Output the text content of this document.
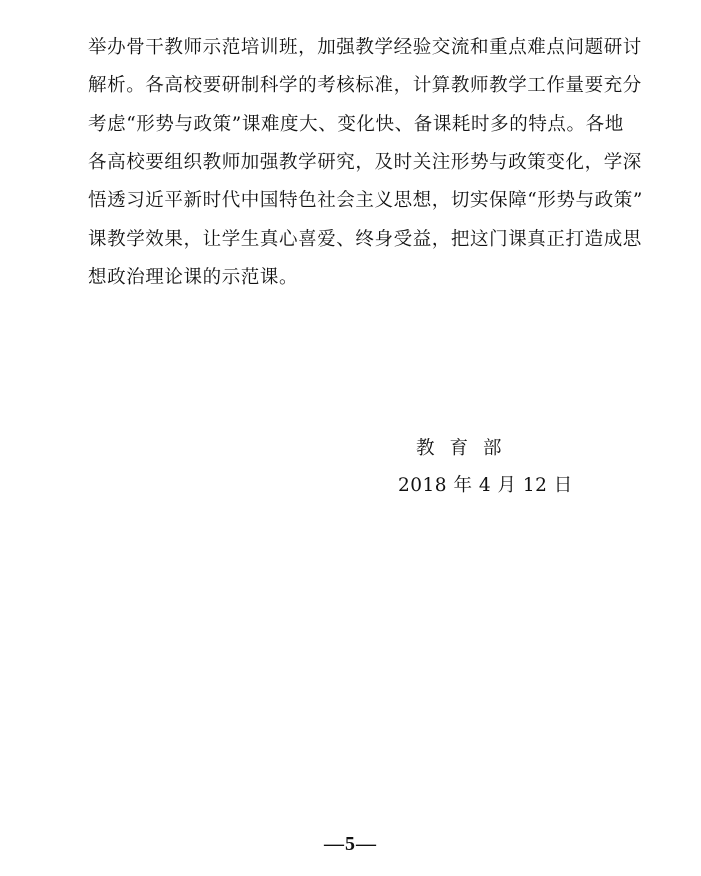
举办骨干教师示范培训班，加强教学经验交流和重点难点问题研讨
解析。各高校要研制科学的考核标准，计算教师教学工作量要充分
考虑“形势与政策”课难度大、变化快、备课耗时多的特点。各地
各高校要组织教师加强教学研究，及时关注形势与政策变化，学深
悟透习近平新时代中国特色社会主义思想，切实保障“形势与政策”
课教学效果，让学生真心喜爱、终身受益，把这门课真正打造成思
想政治理论课的示范课。
教育部
2018 年 4 月 12 日
—5—
